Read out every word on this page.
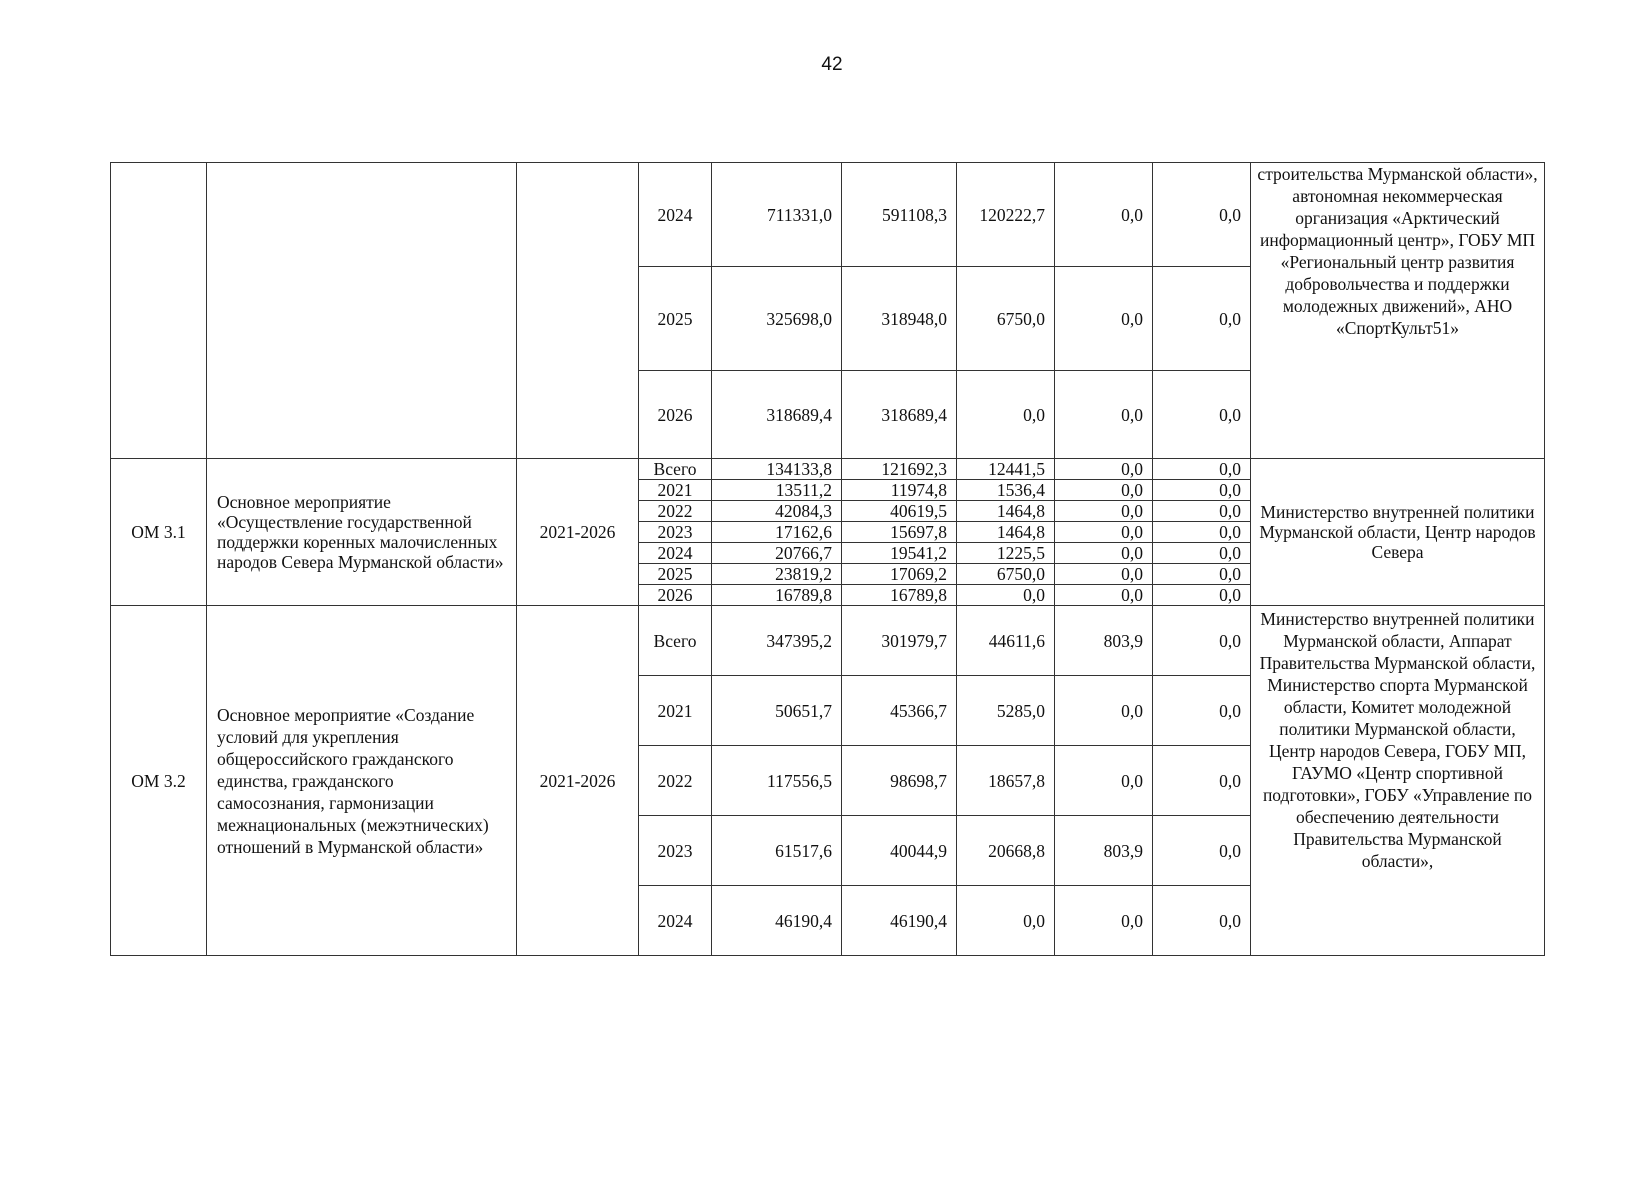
42
			2024	711331,0	591108,3	120222,7	0,0	0,0	строительства Мурманской области», автономная некоммерческая организация «Арктический информационный центр», ГОБУ МП «Региональный центр развития добровольчества и поддержки молодежных движений», АНО «СпортКульт51»

			2025	325698,0	318948,0	6750,0	0,0	0,0	
			2026	318689,4	318689,4	0,0	0,0	0,0	
ОМ 3.1	Основное мероприятие «Осуществление государственной поддержки коренных малочисленных народов Севера Мурманской области»	2021-2026	Всего	134133,8	121692,3	12441,5	0,0	0,0	Министерство внутренней политики Мурманской области, Центр народов Севера

			2021	13511,2	11974,8	1536,4	0,0	0,0	
			2022	42084,3	40619,5	1464,8	0,0	0,0	
			2023	17162,6	15697,8	1464,8	0,0	0,0	
			2024	20766,7	19541,2	1225,5	0,0	0,0	
			2025	23819,2	17069,2	6750,0	0,0	0,0	
			2026	16789,8	16789,8	0,0	0,0	0,0	
ОМ 3.2	Основное мероприятие «Создание условий для укрепления общероссийского гражданского единства, гражданского самосознания, гармонизации межнациональных (межэтнических) отношений в Мурманской области»	2021-2026	Всего	347395,2	301979,7	44611,6	803,9	0,0	Министерство внутренней политики Мурманской области, Аппарат Правительства Мурманской области, Министерство спорта Мурманской области, Комитет молодежной политики Мурманской области, Центр народов Севера, ГОБУ МП, ГАУМО «Центр спортивной подготовки», ГОБУ «Управление по обеспечению деятельности Правительства Мурманской области»,

			2021	50651,7	45366,7	5285,0	0,0	0,0	
			2022	117556,5	98698,7	18657,8	0,0	0,0	
			2023	61517,6	40044,9	20668,8	803,9	0,0	
			2024	46190,4	46190,4	0,0	0,0	0,0	
